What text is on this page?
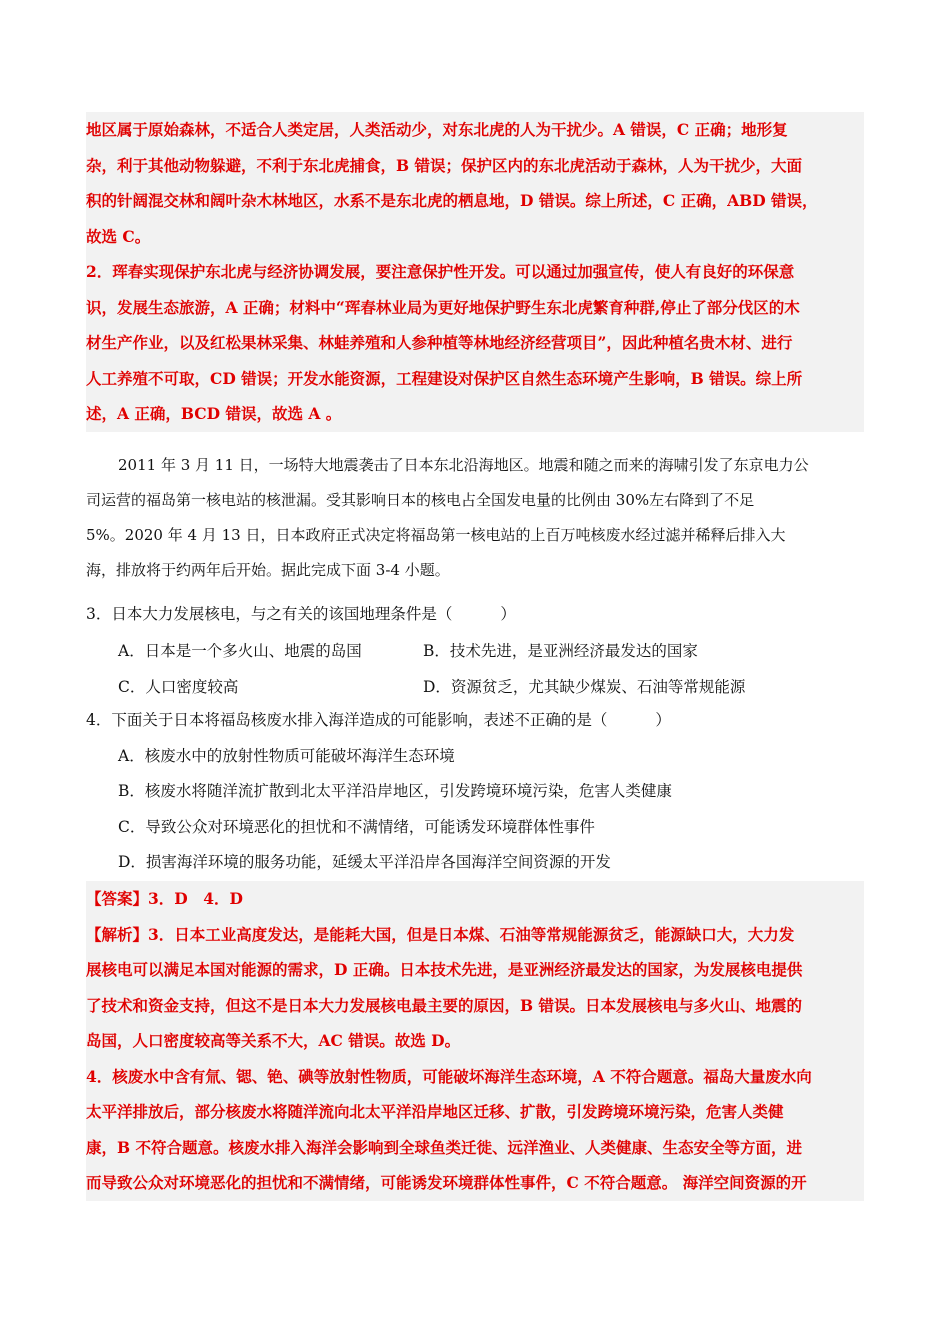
地区属于原始森林，不适合人类定居，人类活动少，对东北虎的人为干扰少。A 错误，C 正确；地形复
杂，利于其他动物躲避，不利于东北虎捕食，B 错误；保护区内的东北虎活动于森林，人为干扰少，大面
积的针阔混交林和阔叶杂木林地区，水系不是东北虎的栖息地，D 错误。综上所述，C 正确，ABD 错误，
故选 C。
2．珲春实现保护东北虎与经济协调发展，要注意保护性开发。可以通过加强宣传，使人有良好的环保意
识，发展生态旅游，A 正确；材料中“珲春林业局为更好地保护野生东北虎繁育种群,停止了部分伐区的木
材生产作业，以及红松果林采集、林蛙养殖和人参种植等林地经济经营项目”，因此种植名贵木材、进行
人工养殖不可取，CD 错误；开发水能资源，工程建设对保护区自然生态环境产生影响，B 错误。综上所
述，A 正确，BCD 错误，故选 A 。
2011 年 3 月 11 日，一场特大地震袭击了日本东北沿海地区。地震和随之而来的海啸引发了东京电力公
司运营的福岛第一核电站的核泄漏。受其影响日本的核电占全国发电量的比例由 30%左右降到了不足
5%。2020 年 4 月 13 日，日本政府正式决定将福岛第一核电站的上百万吨核废水经过滤并稀释后排入大
海，排放将于约两年后开始。据此完成下面 3-4 小题。
3．日本大力发展核电，与之有关的该国地理条件是（	）
A．日本是一个多火山、地震的岛国	B．技术先进，是亚洲经济最发达的国家
C．人口密度较高	D．资源贫乏，尤其缺少煤炭、石油等常规能源
4．下面关于日本将福岛核废水排入海洋造成的可能影响，表述不正确的是（	）
A．核废水中的放射性物质可能破坏海洋生态环境
B．核废水将随洋流扩散到北太平洋沿岸地区，引发跨境环境污染，危害人类健康
C．导致公众对环境恶化的担忧和不满情绪，可能诱发环境群体性事件
D．损害海洋环境的服务功能，延缓太平洋沿岸各国海洋空间资源的开发
【答案】3．D　4．D
【解析】3．日本工业高度发达，是能耗大国，但是日本煤、石油等常规能源贫乏，能源缺口大，大力发
展核电可以满足本国对能源的需求，D 正确。日本技术先进，是亚洲经济最发达的国家，为发展核电提供
了技术和资金支持，但这不是日本大力发展核电最主要的原因，B 错误。日本发展核电与多火山、地震的
岛国，人口密度较高等关系不大，AC 错误。故选 D。
4．核废水中含有氚、锶、铯、碘等放射性物质，可能破坏海洋生态环境，A 不符合题意。福岛大量废水向
太平洋排放后，部分核废水将随洋流向北太平洋沿岸地区迁移、扩散，引发跨境环境污染，危害人类健
康，B 不符合题意。核废水排入海洋会影响到全球鱼类迁徙、远洋渔业、人类健康、生态安全等方面，进
而导致公众对环境恶化的担忧和不满情绪，可能诱发环境群体性事件，C 不符合题意。 海洋空间资源的开
